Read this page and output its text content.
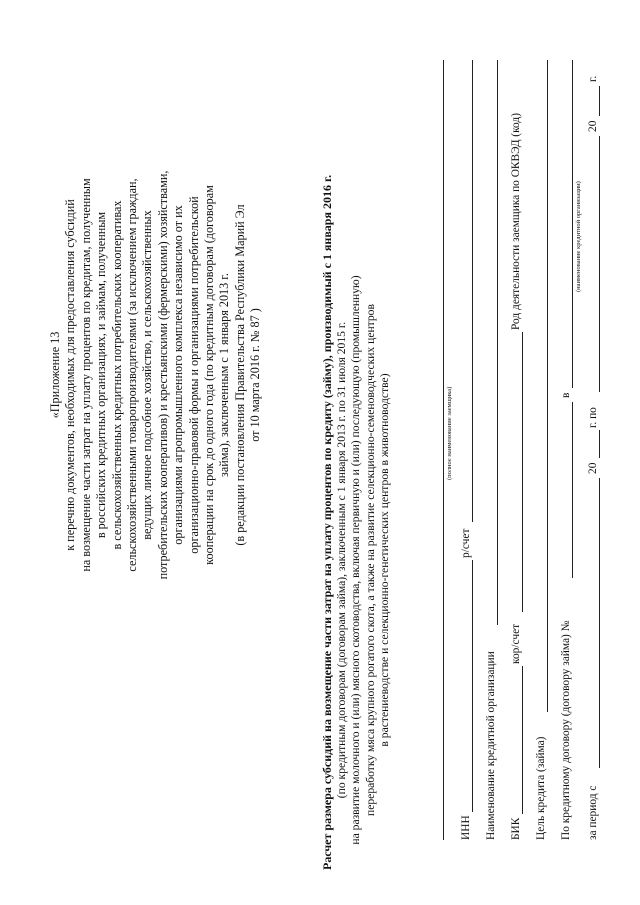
«Приложение 13 к перечню документов, необходимых для предоставления субсидий на возмещение части затрат на уплату процентов по кредитам, полученным в российских кредитных организациях, и займам, полученным в сельскохозяйственных кредитных потребительских кооперативах сельскохозяйственными товаропроизводителями (за исключением граждан, ведущих личное подсобное хозяйство, и сельскохозяйственных потребительских кооперативов) и крестьянскими (фермерскими) хозяйствами, организациями агропромышленного комплекса независимо от их организационно-правовой формы и организациями потребительской кооперации на срок до одного года (по кредитным договорам (договорам займа), заключенным с 1 января 2013 г. (в редакции постановления Правительства Республики Марий Эл от 10 марта 2016 г. № 87 )	Расчет размера субсидий на возмещение части затрат на уплату процентов по кредиту (займу), производимый с 1 января 2016 г. (по кредитным договорам (договорам займа), заключенным с 1 января 2013 г. по 31 июля 2015 г. на развитие молочного и (или) мясного скотоводства, включая первичную и (или) последующую (промышленную) переработку мяса крупного рогатого скота, а также на развитие селекционно-семеноводческих центров в растениеводстве и селекционно-генетических центров в животноводстве)	(полное наименование заемщика)
ИНН
р/счет
Наименование кредитной организации БИК
кор/счет
Род деятельности заемщика по ОКВЭД (код)
Цель кредита (займа) По кредитному договору (договору займа) №
в
(наименование кредитной организации)
за период с
20
г. по
20
г.
